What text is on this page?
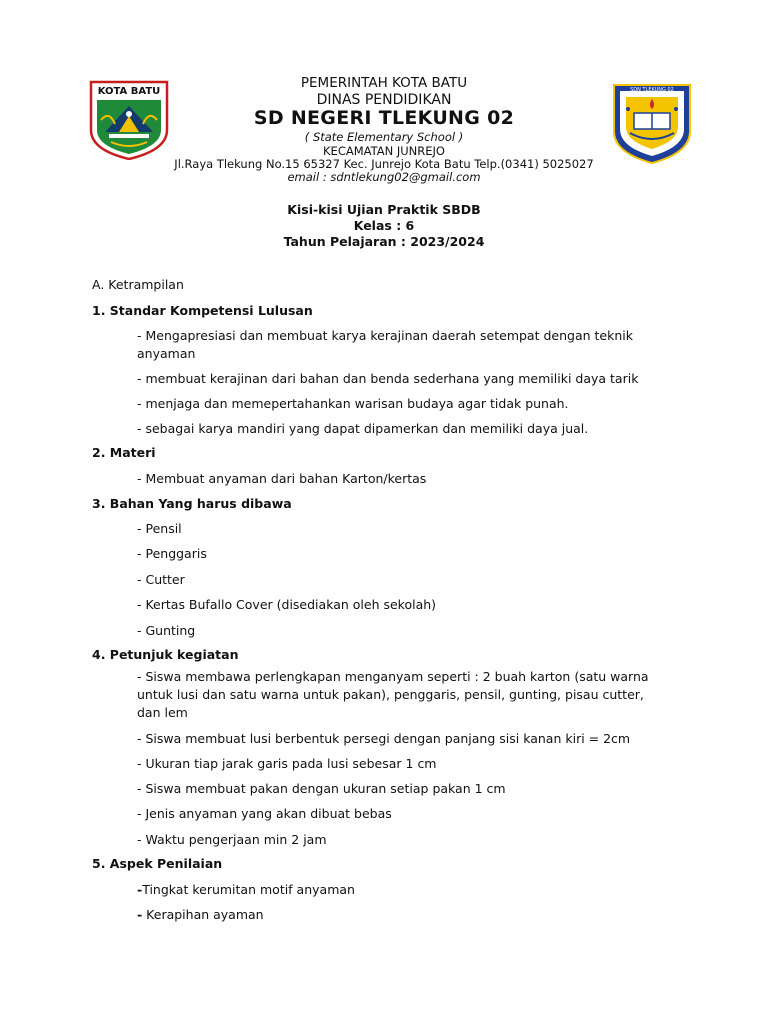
KOTA BATU	SDN TLEKUNG 02
PEMERINTAH KOTA BATU
DINAS PENDIDIKAN
SD NEGERI TLEKUNG 02
( State Elementary School )
KECAMATAN JUNREJO
Jl.Raya Tlekung No.15 65327 Kec. Junrejo Kota Batu Telp.(0341) 5025027
email : sdntlekung02@gmail.com
Kisi-kisi Ujian Praktik SBDB
Kelas : 6
Tahun Pelajaran : 2023/2024
A. Ketrampilan
1. Standar Kompetensi Lulusan
- Mengapresiasi dan membuat karya kerajinan daerah setempat dengan teknik anyaman
- membuat kerajinan dari bahan dan benda sederhana yang memiliki daya tarik
- menjaga dan memepertahankan warisan budaya agar tidak punah.
- sebagai karya mandiri yang dapat dipamerkan dan memiliki daya jual.
2. Materi
- Membuat anyaman dari bahan Karton/kertas
3. Bahan Yang harus dibawa
- Pensil
- Penggaris
- Cutter
- Kertas Bufallo Cover (disediakan oleh sekolah)
- Gunting
4. Petunjuk kegiatan
- Siswa membawa perlengkapan menganyam seperti : 2 buah karton (satu warna untuk lusi dan satu warna untuk pakan), penggaris, pensil, gunting, pisau cutter, dan lem
- Siswa membuat lusi berbentuk persegi dengan panjang sisi kanan kiri = 2cm
- Ukuran tiap jarak garis pada lusi sebesar 1 cm
- Siswa membuat pakan dengan ukuran setiap pakan 1 cm
- Jenis anyaman yang akan dibuat bebas
- Waktu pengerjaan min 2 jam
5. Aspek Penilaian
-Tingkat kerumitan motif anyaman
- Kerapihan ayaman
